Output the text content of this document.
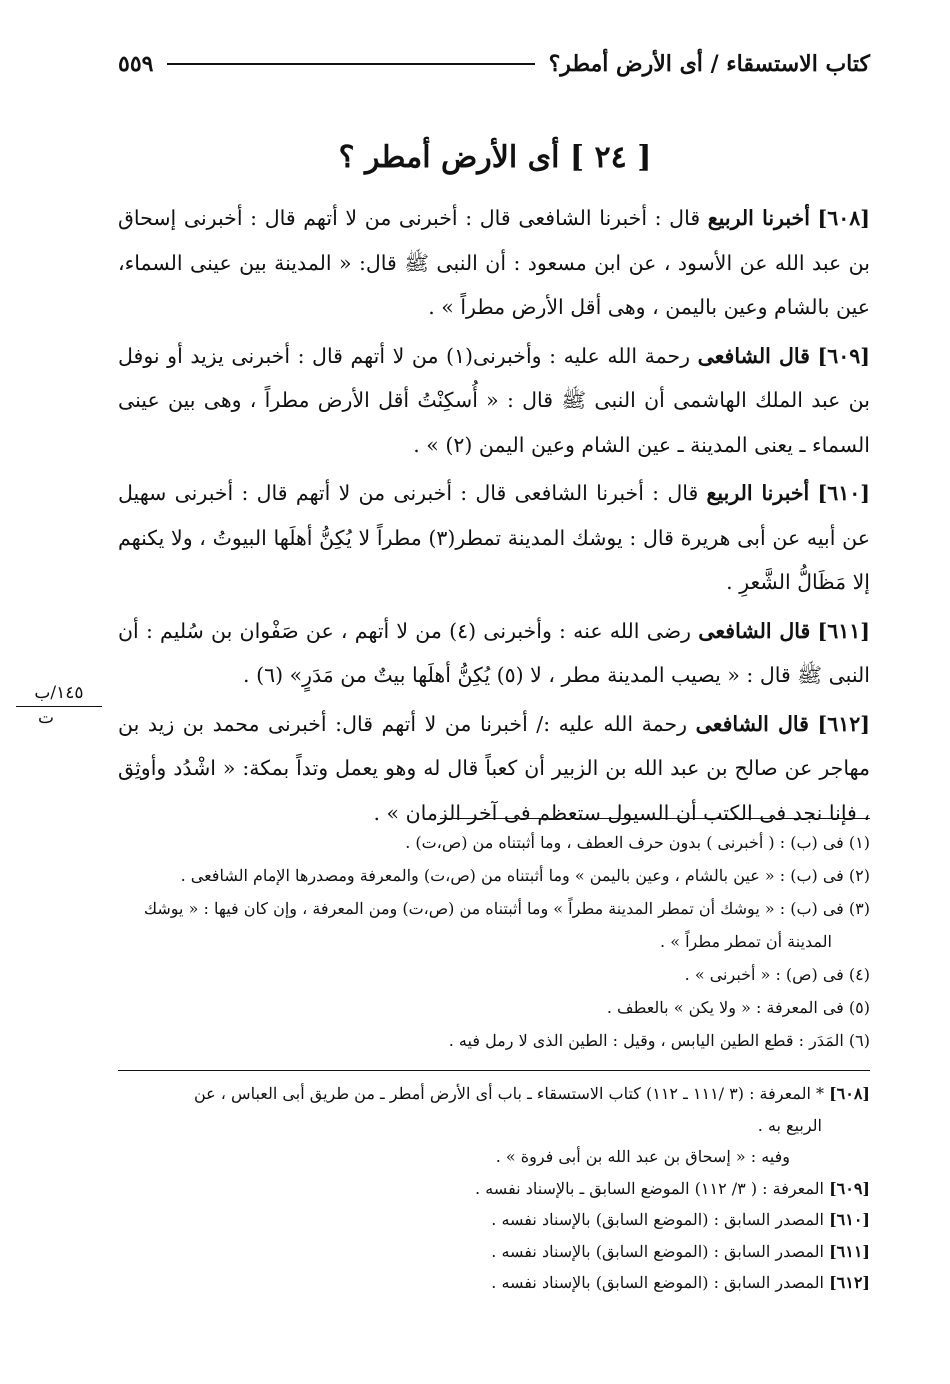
كتاب الاستسقاء / أى الأرض أمطر؟
٥٥٩
[ ٢٤ ] أى الأرض أمطر ؟

[٦٠٨] أخبرنا الربيع قال : أخبرنا الشافعى قال : أخبرنى من لا أتهم قال : أخبرنى إسحاق بن عبد الله عن الأسود ، عن ابن مسعود : أن النبى ﷺ قال: « المدينة بين عينى السماء، عين بالشام وعين باليمن ، وهى أقل الأرض مطراً » .

[٦٠٩] قال الشافعى رحمة الله عليه : وأخبرنى(١) من لا أتهم قال : أخبرنى يزيد أو نوفل بن عبد الملك الهاشمى أن النبى ﷺ قال : « أُسكِنْتُ أقل الأرض مطراً ، وهى بين عينى السماء ـ يعنى المدينة ـ عين الشام وعين اليمن (٢) » .

[٦١٠] أخبرنا الربيع قال : أخبرنا الشافعى قال : أخبرنى من لا أتهم قال : أخبرنى سهيل عن أبيه عن أبى هريرة قال : يوشك المدينة تمطر(٣) مطراً لا يُكِنُّ أهلَها البيوتُ ، ولا يكنهم إلا مَظَالُّ الشَّعرِ .

[٦١١] قال الشافعى رضى الله عنه : وأخبرنى (٤) من لا أتهم ، عن صَفْوان بن سُليم : أن النبى ﷺ قال : « يصيب المدينة مطر ، لا (٥) يُكِنُّ أهلَها بيتٌ من مَدَرٍ» (٦) .

[٦١٢] قال الشافعى رحمة الله عليه :/ أخبرنا من لا أتهم قال: أخبرنى محمد بن زيد بن مهاجر عن صالح بن عبد الله بن الزبير أن كعباً قال له وهو يعمل وتداً بمكة: « اشْدُد وأوثِق ، فإنا نجد فى الكتب أن السيول ستعظم فى آخر الزمان » .

١٤٥/ب
ت

(١) فى (ب) : ( أخبرنى ) بدون حرف العطف ، وما أثبتناه من (ص،ت) .

(٢) فى (ب) : « عين بالشام ، وعين باليمن » وما أثبتناه من (ص،ت) والمعرفة ومصدرها الإمام الشافعى .

(٣) فى (ب) : « يوشك أن تمطر المدينة مطراً » وما أثبتناه من (ص،ت) ومن المعرفة ، وإن كان فيها : « يوشك

المدينة أن تمطر مطراً » .

(٤) فى (ص) : « أخبرنى » .

(٥) فى المعرفة : « ولا يكن » بالعطف .

(٦) المَدَر : قطع الطين اليابس ، وقيل : الطين الذى لا رمل فيه .

[٦٠٨] * المعرفة : (٣ /١١١ ـ ١١٢) كتاب الاستسقاء ـ باب أى الأرض أمطر ـ من طريق أبى العباس ، عن

الربيع به .

وفيه : « إسحاق بن عبد الله بن أبى فروة » .

[٦٠٩] المعرفة : ( ٣/ ١١٢) الموضع السابق ـ بالإسناد نفسه .

[٦١٠] المصدر السابق : (الموضع السابق) بالإسناد نفسه .

[٦١١] المصدر السابق : (الموضع السابق) بالإسناد نفسه .

[٦١٢] المصدر السابق : (الموضع السابق) بالإسناد نفسه .
